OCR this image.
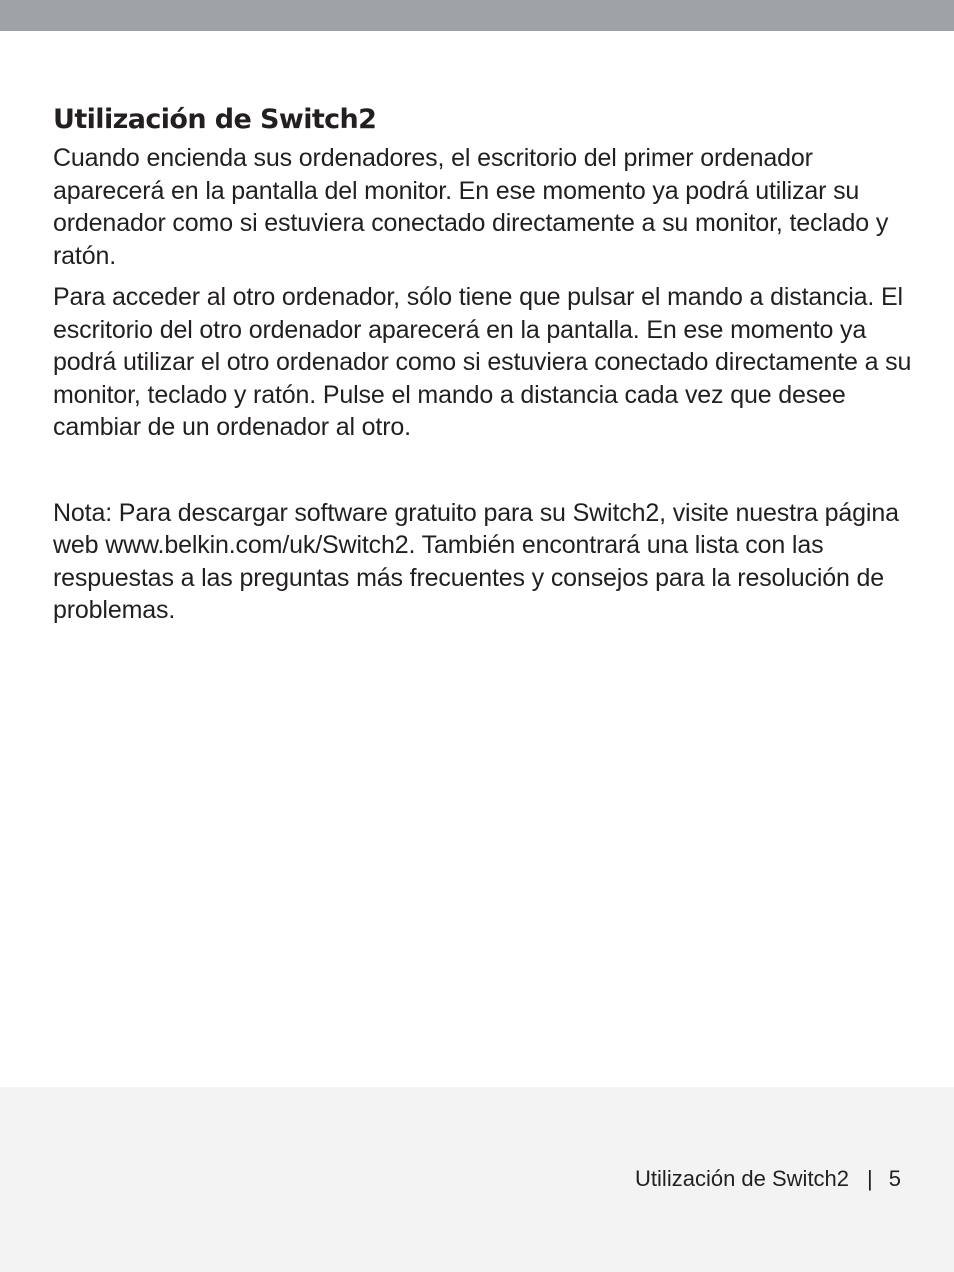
Utilización de Switch2

Cuando encienda sus ordenadores, el escritorio del primer ordenador aparecerá en la pantalla del monitor. En ese momento ya podrá utilizar su ordenador como si estuviera conectado directamente a su monitor, teclado y ratón.

Para acceder al otro ordenador, sólo tiene que pulsar el mando a distancia. El escritorio del otro ordenador aparecerá en la pantalla. En ese momento ya podrá utilizar el otro ordenador como si estuviera conectado directamente a su monitor, teclado y ratón. Pulse el mando a distancia cada vez que desee cambiar de un ordenador al otro.

Nota: Para descargar software gratuito para su Switch2, visite nuestra página web www.belkin.com/uk/Switch2. También encontrará una lista con las respuestas a las preguntas más frecuentes y consejos para la resolución de problemas.

Utilización de Switch2 | 5
